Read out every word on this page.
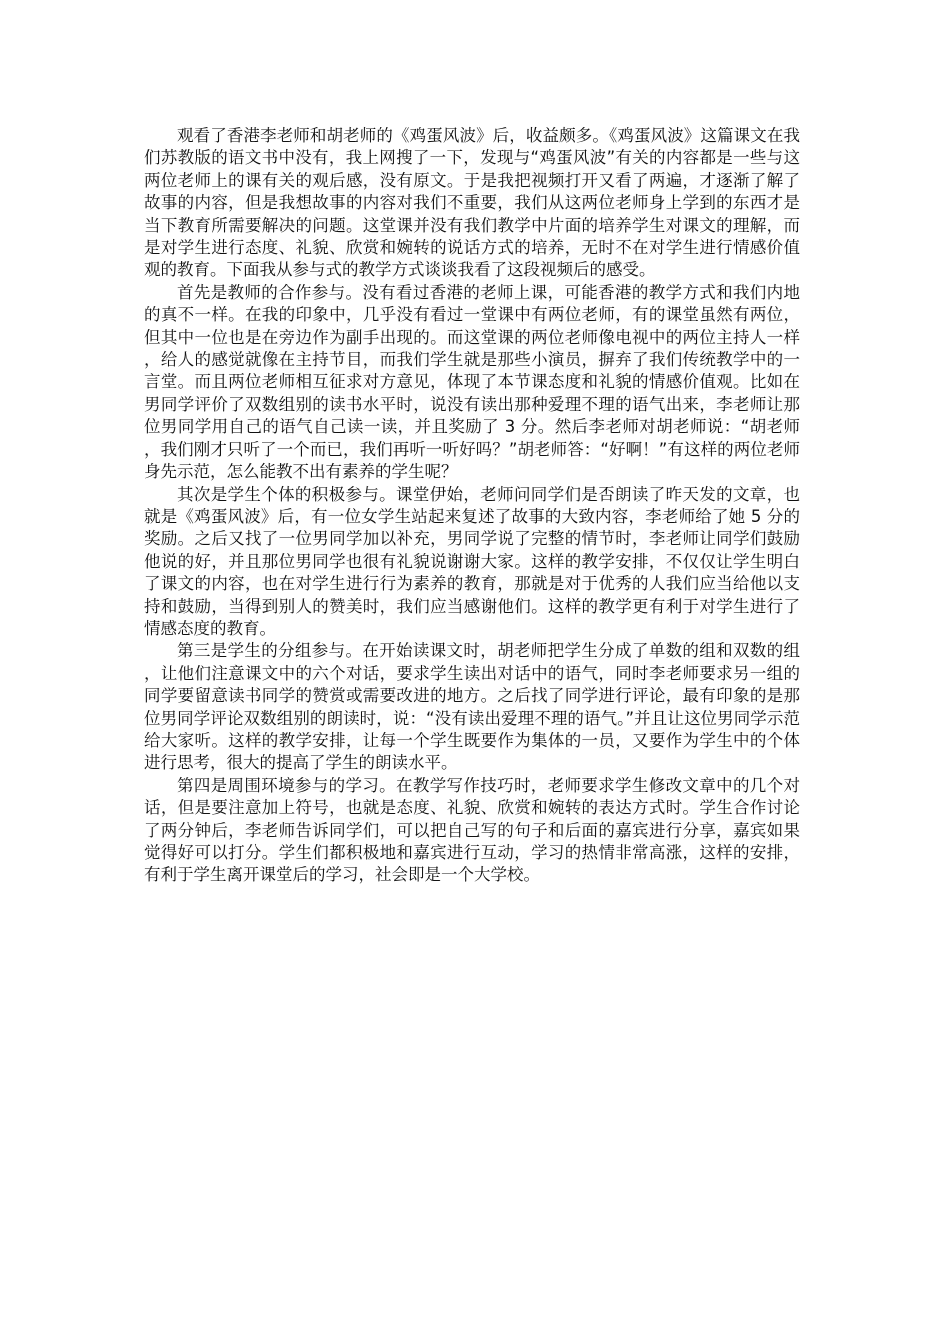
观看了香港李老师和胡老师的《鸡蛋风波》后，收益颇多。《鸡蛋风波》这篇课文在我们苏教版的语文书中没有，我上网搜了一下，发现与“鸡蛋风波”有关的内容都是一些与这两位老师上的课有关的观后感，没有原文。于是我把视频打开又看了两遍，才逐渐了解了故事的内容，但是我想故事的内容对我们不重要，我们从这两位老师身上学到的东西才是当下教育所需要解决的问题。这堂课并没有我们教学中片面的培养学生对课文的理解，而是对学生进行态度、礼貌、欣赏和婉转的说话方式的培养，无时不在对学生进行情感价值观的教育。下面我从参与式的教学方式谈谈我看了这段视频后的感受。

首先是教师的合作参与。没有看过香港的老师上课，可能香港的教学方式和我们内地的真不一样。在我的印象中，几乎没有看过一堂课中有两位老师，有的课堂虽然有两位，但其中一位也是在旁边作为副手出现的。而这堂课的两位老师像电视中的两位主持人一样，给人的感觉就像在主持节目，而我们学生就是那些小演员，摒弃了我们传统教学中的一言堂。而且两位老师相互征求对方意见，体现了本节课态度和礼貌的情感价值观。比如在男同学评价了双数组别的读书水平时，说没有读出那种爱理不理的语气出来，李老师让那位男同学用自己的语气自己读一读，并且奖励了 3 分。然后李老师对胡老师说：“胡老师，我们刚才只听了一个而已，我们再听一听好吗？”胡老师答：“好啊！”有这样的两位老师身先示范，怎么能教不出有素养的学生呢？

其次是学生个体的积极参与。课堂伊始，老师问同学们是否朗读了昨天发的文章，也就是《鸡蛋风波》后，有一位女学生站起来复述了故事的大致内容，李老师给了她 5 分的奖励。之后又找了一位男同学加以补充，男同学说了完整的情节时，李老师让同学们鼓励他说的好，并且那位男同学也很有礼貌说谢谢大家。这样的教学安排，不仅仅让学生明白了课文的内容，也在对学生进行行为素养的教育，那就是对于优秀的人我们应当给他以支持和鼓励，当得到别人的赞美时，我们应当感谢他们。这样的教学更有利于对学生进行了情感态度的教育。

第三是学生的分组参与。在开始读课文时，胡老师把学生分成了单数的组和双数的组，让他们注意课文中的六个对话，要求学生读出对话中的语气，同时李老师要求另一组的同学要留意读书同学的赞赏或需要改进的地方。之后找了同学进行评论，最有印象的是那位男同学评论双数组别的朗读时，说：“没有读出爱理不理的语气。”并且让这位男同学示范给大家听。这样的教学安排，让每一个学生既要作为集体的一员，又要作为学生中的个体进行思考，很大的提高了学生的朗读水平。

第四是周围环境参与的学习。在教学写作技巧时，老师要求学生修改文章中的几个对话，但是要注意加上符号，也就是态度、礼貌、欣赏和婉转的表达方式时。学生合作讨论了两分钟后，李老师告诉同学们，可以把自己写的句子和后面的嘉宾进行分享，嘉宾如果觉得好可以打分。学生们都积极地和嘉宾进行互动，学习的热情非常高涨，这样的安排，有利于学生离开课堂后的学习，社会即是一个大学校。
